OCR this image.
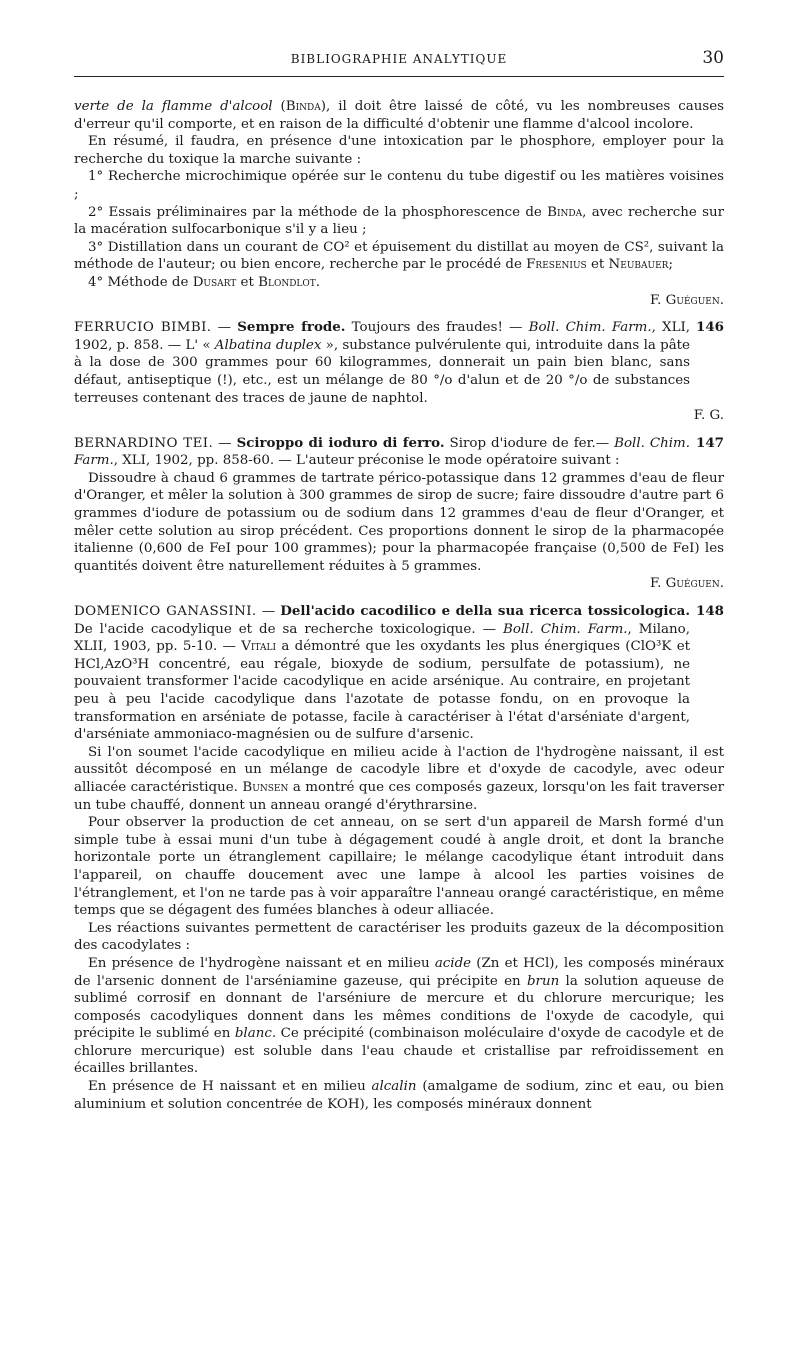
BIBLIOGRAPHIE ANALYTIQUE	30

verte de la flamme d'alcool (Binda), il doit être laissé de côté, vu les nombreuses causes d'erreur qu'il comporte, et en raison de la difficulté d'obtenir une flamme d'alcool incolore.

En résumé, il faudra, en présence d'une intoxication par le phosphore, employer pour la recherche du toxique la marche suivante :

1° Recherche microchimique opérée sur le contenu du tube digestif ou les matières voisines ;

2° Essais préliminaires par la méthode de la phosphorescence de Binda, avec recherche sur la macération sulfocarbonique s'il y a lieu ;

3° Distillation dans un courant de CO² et épuisement du distillat au moyen de CS², suivant la méthode de l'auteur; ou bien encore, recherche par le procédé de Fresenius et Neubauer;

4° Méthode de Dusart et Blondlot.

F. Guéguen.

146

FERRUCIO BIMBI. — Sempre frode. Toujours des fraudes! — Boll. Chim. Farm., XLI, 1902, p. 858. — L' « Albatina duplex », substance pulvérulente qui, introduite dans la pâte à la dose de 300 grammes pour 60 kilogrammes, donnerait un pain bien blanc, sans défaut, antiseptique (!), etc., est un mélange de 80 °/o d'alun et de 20 °/o de substances terreuses contenant des traces de jaune de naphtol.

F. G.

147

BERNARDINO TEI. — Sciroppo di ioduro di ferro. Sirop d'iodure de fer.— Boll. Chim. Farm., XLI, 1902, pp. 858-60. — L'auteur préconise le mode opératoire suivant :

Dissoudre à chaud 6 grammes de tartrate périco-potassique dans 12 grammes d'eau de fleur d'Oranger, et mêler la solution à 300 grammes de sirop de sucre; faire dissoudre d'autre part 6 grammes d'iodure de potassium ou de sodium dans 12 grammes d'eau de fleur d'Oranger, et mêler cette solution au sirop précédent. Ces proportions donnent le sirop de la pharmacopée italienne (0,600 de FeI pour 100 grammes); pour la pharmacopée française (0,500 de FeI) les quantités doivent être naturellement réduites à 5 grammes.

F. Guéguen.

148

DOMENICO GANASSINI. — Dell'acido cacodilico e della sua ricerca tossicologica. De l'acide cacodylique et de sa recherche toxicologique. — Boll. Chim. Farm., Milano, XLII, 1903, pp. 5-10. — Vitali a démontré que les oxydants les plus énergiques (ClO³K et HCl,AzO³H concentré, eau régale, bioxyde de sodium, persulfate de potassium), ne pouvaient transformer l'acide cacodylique en acide arsénique. Au contraire, en projetant peu à peu l'acide cacodylique dans l'azotate de potasse fondu, on en provoque la transformation en arséniate de potasse, facile à caractériser à l'état d'arséniate d'argent, d'arséniate ammoniaco-magnésien ou de sulfure d'arsenic.

Si l'on soumet l'acide cacodylique en milieu acide à l'action de l'hydrogène naissant, il est aussitôt décomposé en un mélange de cacodyle libre et d'oxyde de cacodyle, avec odeur alliacée caractéristique. Bunsen a montré que ces composés gazeux, lorsqu'on les fait traverser un tube chauffé, donnent un anneau orangé d'érythrarsine.

Pour observer la production de cet anneau, on se sert d'un appareil de Marsh formé d'un simple tube à essai muni d'un tube à dégagement coudé à angle droit, et dont la branche horizontale porte un étranglement capillaire; le mélange cacodylique étant introduit dans l'appareil, on chauffe doucement avec une lampe à alcool les parties voisines de l'étranglement, et l'on ne tarde pas à voir apparaître l'anneau orangé caractéristique, en même temps que se dégagent des fumées blanches à odeur alliacée.

Les réactions suivantes permettent de caractériser les produits gazeux de la décomposition des cacodylates :

En présence de l'hydrogène naissant et en milieu acide (Zn et HCl), les composés minéraux de l'arsenic donnent de l'arséniamine gazeuse, qui précipite en brun la solution aqueuse de sublimé corrosif en donnant de l'arséniure de mercure et du chlorure mercurique; les composés cacodyliques donnent dans les mêmes conditions de l'oxyde de cacodyle, qui précipite le sublimé en blanc. Ce précipité (combinaison moléculaire d'oxyde de cacodyle et de chlorure mercurique) est soluble dans l'eau chaude et cristallise par refroidissement en écailles brillantes.

En présence de H naissant et en milieu alcalin (amalgame de sodium, zinc et eau, ou bien aluminium et solution concentrée de KOH), les composés minéraux donnent
